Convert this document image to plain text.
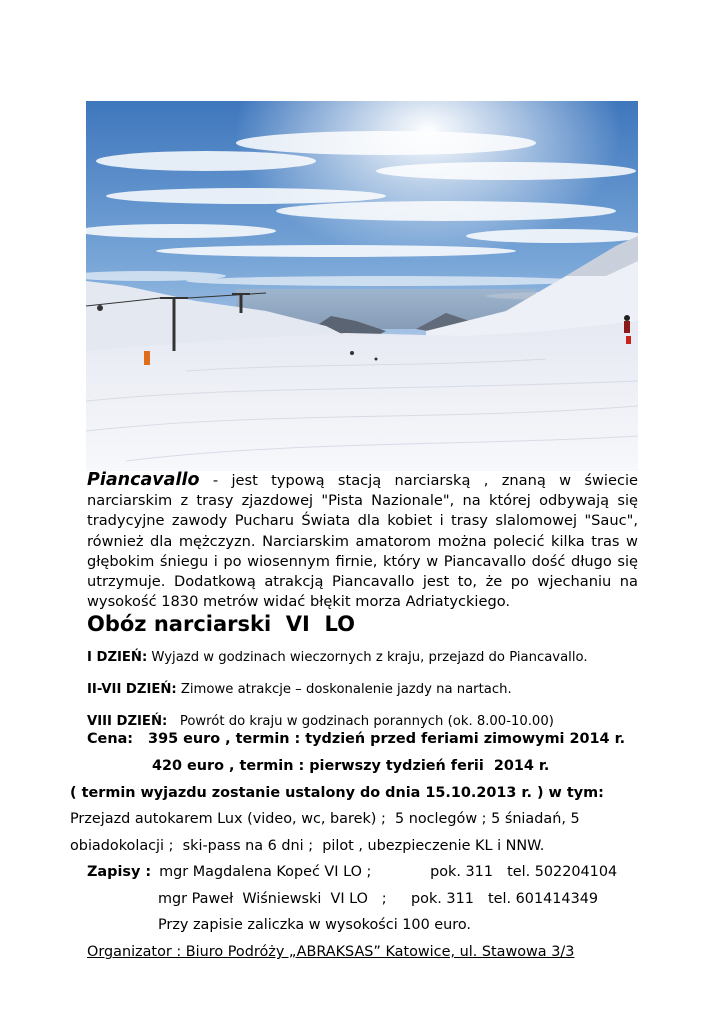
Piancavallo - jest typową stacją narciarską , znaną w świecie narciarskim z trasy zjazdowej "Pista Nazionale", na której odbywają się tradycyjne zawody Pucharu Świata dla kobiet i trasy slalomowej "Sauc", również dla mężczyzn. Narciarskim amatorom można polecić kilka tras w głębokim śniegu i po wiosennym firnie, który w Piancavallo dość długo się utrzymuje. Dodatkową atrakcją Piancavallo jest to, że po wjechaniu na wysokość 1830 metrów widać błękit morza Adriatyckiego.
Obóz narciarski  VI  LO
I DZIEŃ: Wyjazd w godzinach wieczornych z kraju, przejazd do Piancavallo.
II-VII DZIEŃ: Zimowe atrakcje – doskonalenie jazdy na nartach.
VIII DZIEŃ:   Powrót do kraju w godzinach porannych (ok. 8.00-10.00)
Cena:   395 euro , termin : tydzień przed feriami zimowymi 2014 r.
420 euro , termin : pierwszy tydzień ferii  2014 r.
( termin wyjazdu zostanie ustalony do dnia 15.10.2013 r. ) w tym:
Przejazd autokarem Lux (video, wc, barek) ;  5 noclegów ; 5 śniadań, 5
obiadokolacji ;  ski-pass na 6 dni ;  pilot , ubezpieczenie KL i NNW.
Zapisy : mgr Magdalena Kopeć VI LO ;	pok. 311 tel. 502204104
mgr Paweł  Wiśniewski  VI LO   ; pok. 311 tel. 601414349
Przy zapisie zaliczka w wysokości 100 euro.
Organizator : Biuro Podróży „ABRAKSAS” Katowice, ul. Stawowa 3/3
